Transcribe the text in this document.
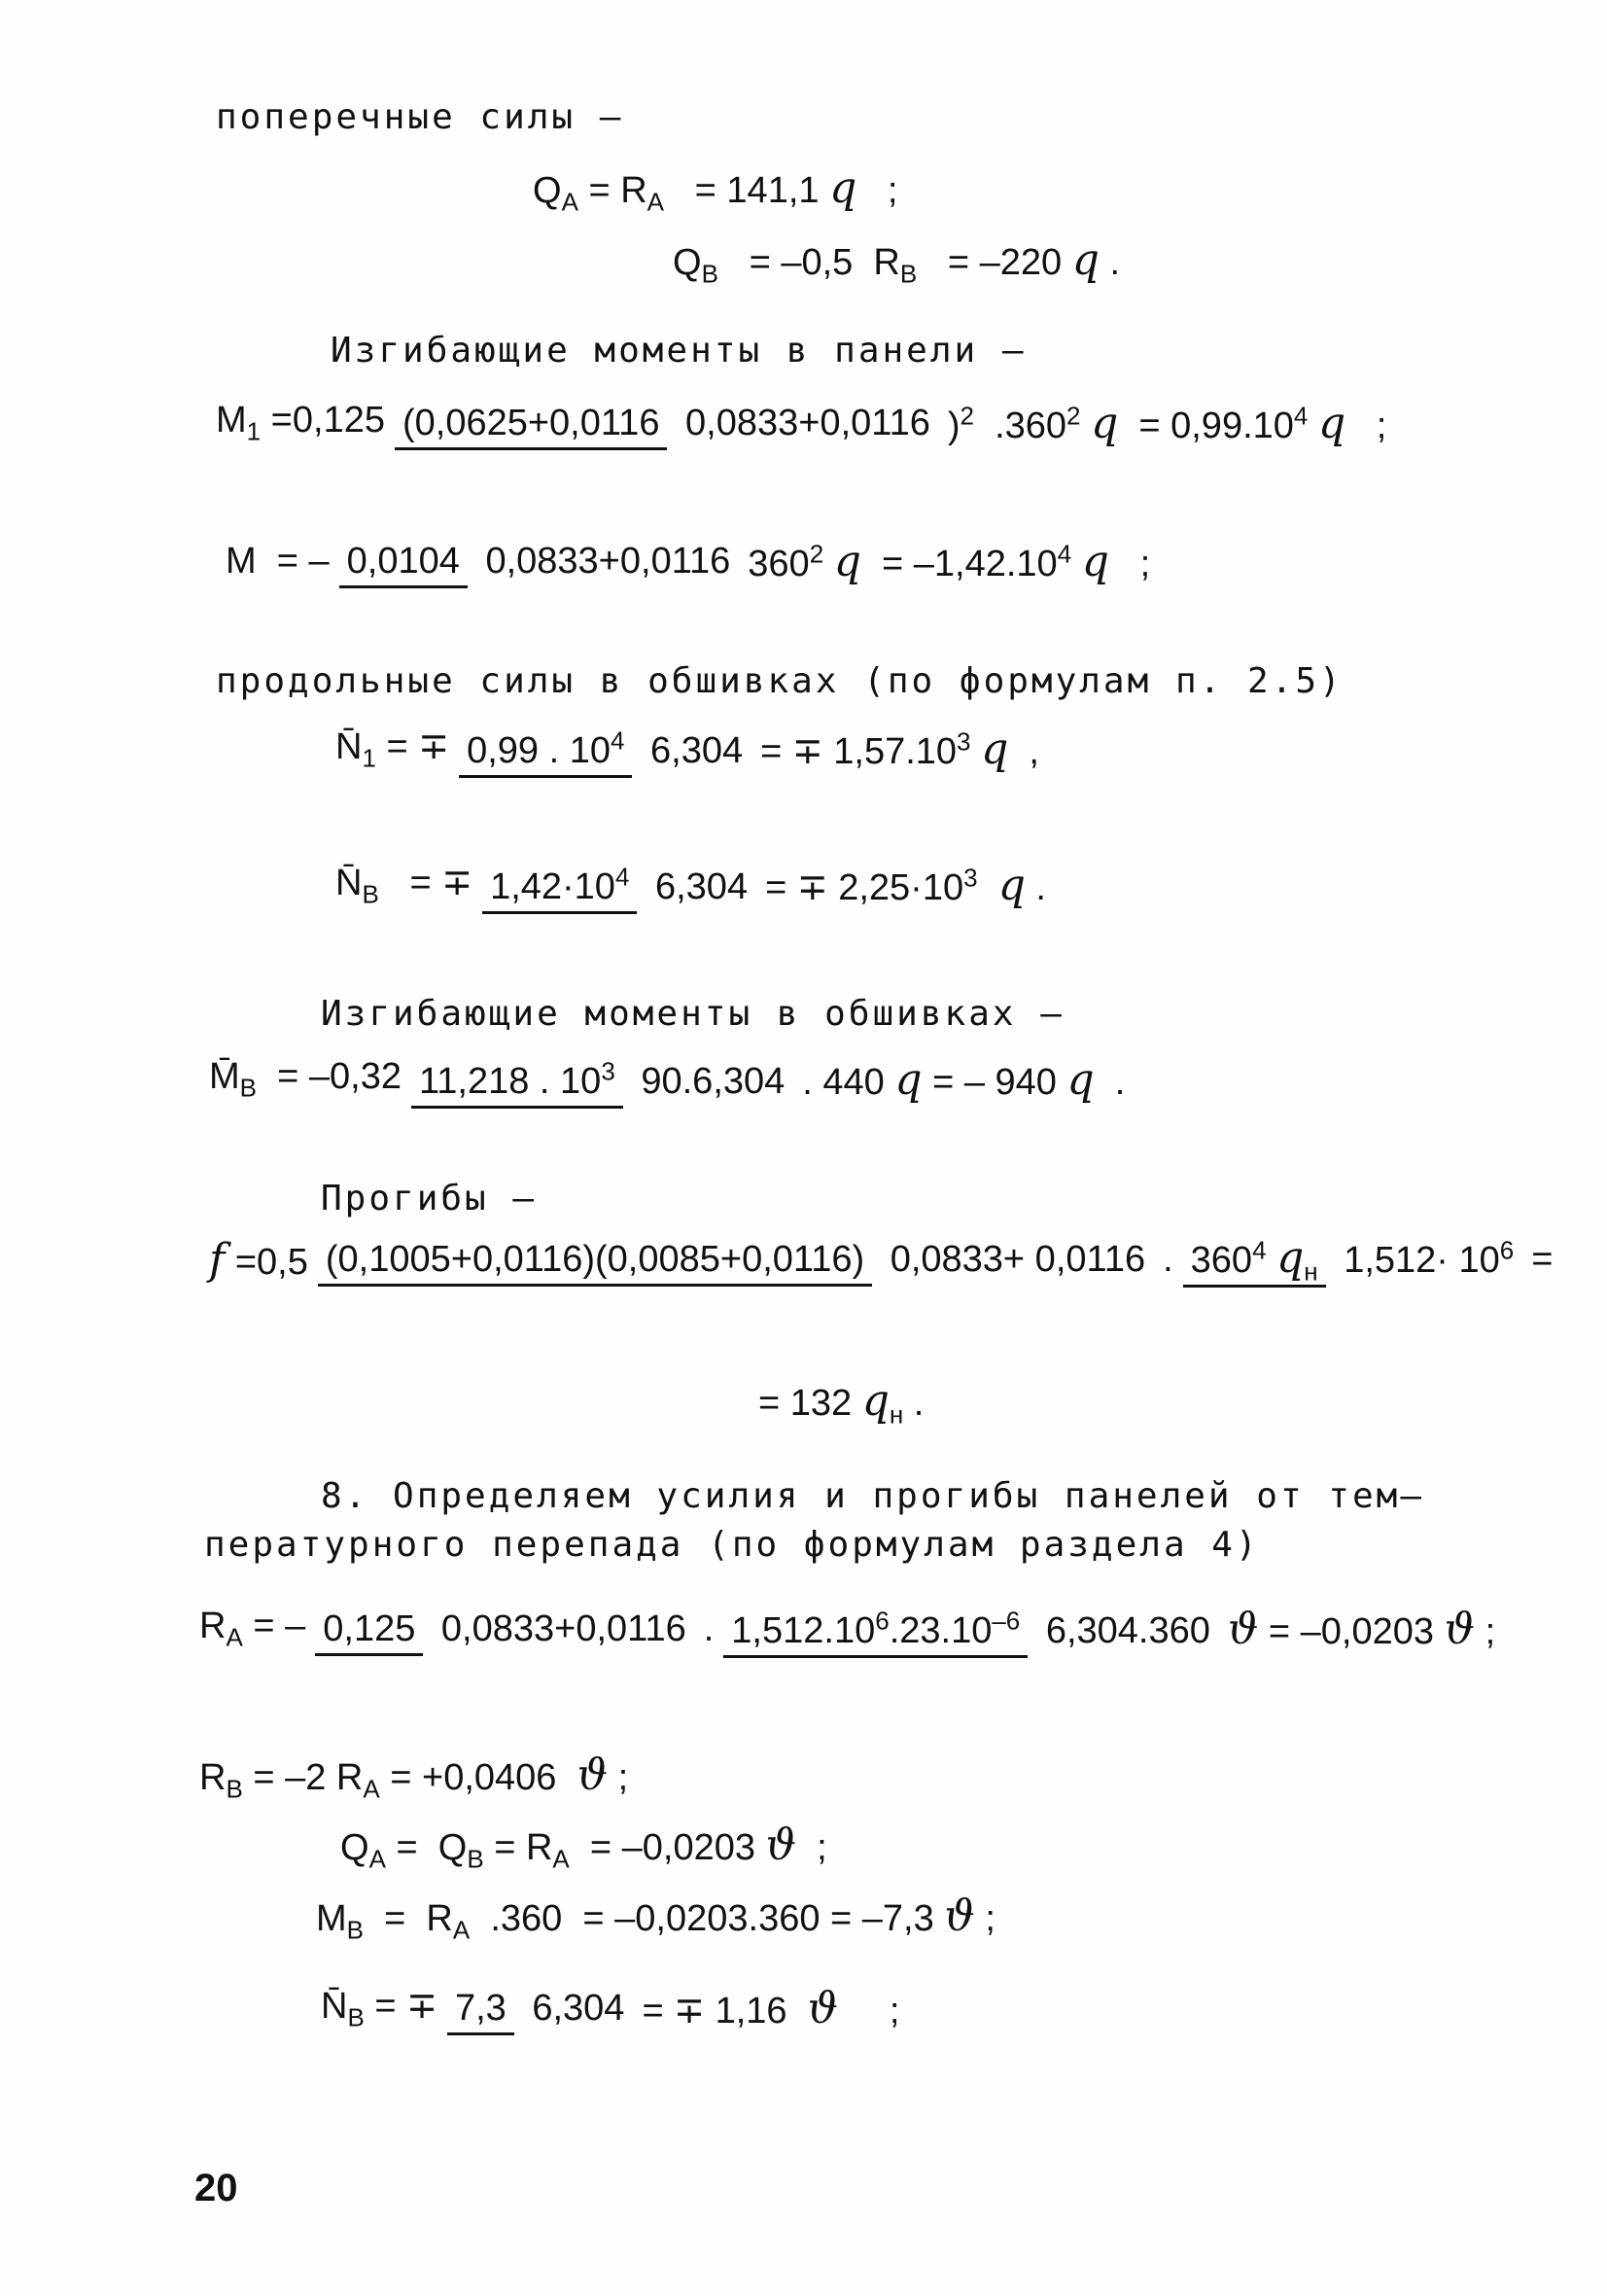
поперечные силы –
$Q_A = R_A = 141,1$ q   ;
$Q_B = -0,5$  $R_B = -220$ q .
Изгибающие моменты в панели –
$M_1 =0,125$ (0,0625+0,0116 0,0833+0,0116 )$^2$  .360$^2$ $q = 0,99.10^4$ q   ;
M  = – 0,0104 0,0833+0,0116 $360^2$ $q = -1,42.10^4$ q   ;
продольные силы в обшивках (по формулам п. 2.5)
$N̄_1$ = ∓ 0,99 . $10^4$ 6,304 = ∓ $1,57.10^3$ q  ,
$N̄_B$   = ∓ $1,42\cdot 10^4$ 6,304 = ∓ $2,25\cdot 10^3$ q .
Изгибающие моменты в обшивках –
$M̄_B = -0,32$ 11,218 . $10^3$ 90.6,304 . 440 q = – 940 q  .
Прогибы –
f =0,5 (0,1005+0,0116)(0,0085+0,0116) 0,0833+ 0,0116 . $360^4$ $q_н$ $1,512\cdot 10^6$ =
= 132 $q_н$ .
8. Определяем усилия и прогибы панелей от тем–
пературного перепада (по формулам раздела 4)
$R_A$ = – 0,125 0,0833+0,0116 . $1,512.10^6.23.10^{-6}$ 6,304.360 ϑ = –0,0203 ϑ ;
$R_B = -2$ $R_A = +0,0406$  ϑ ;
$Q_A = Q_B = R_A = -0,0203$ ϑ  ;
$M_B = R_A$  .360  = –0,0203.360 = –7,3 ϑ ;
$N̄_B$ = ∓ 7,3 6,304 = ∓ 1,16  ϑ     ;
20
